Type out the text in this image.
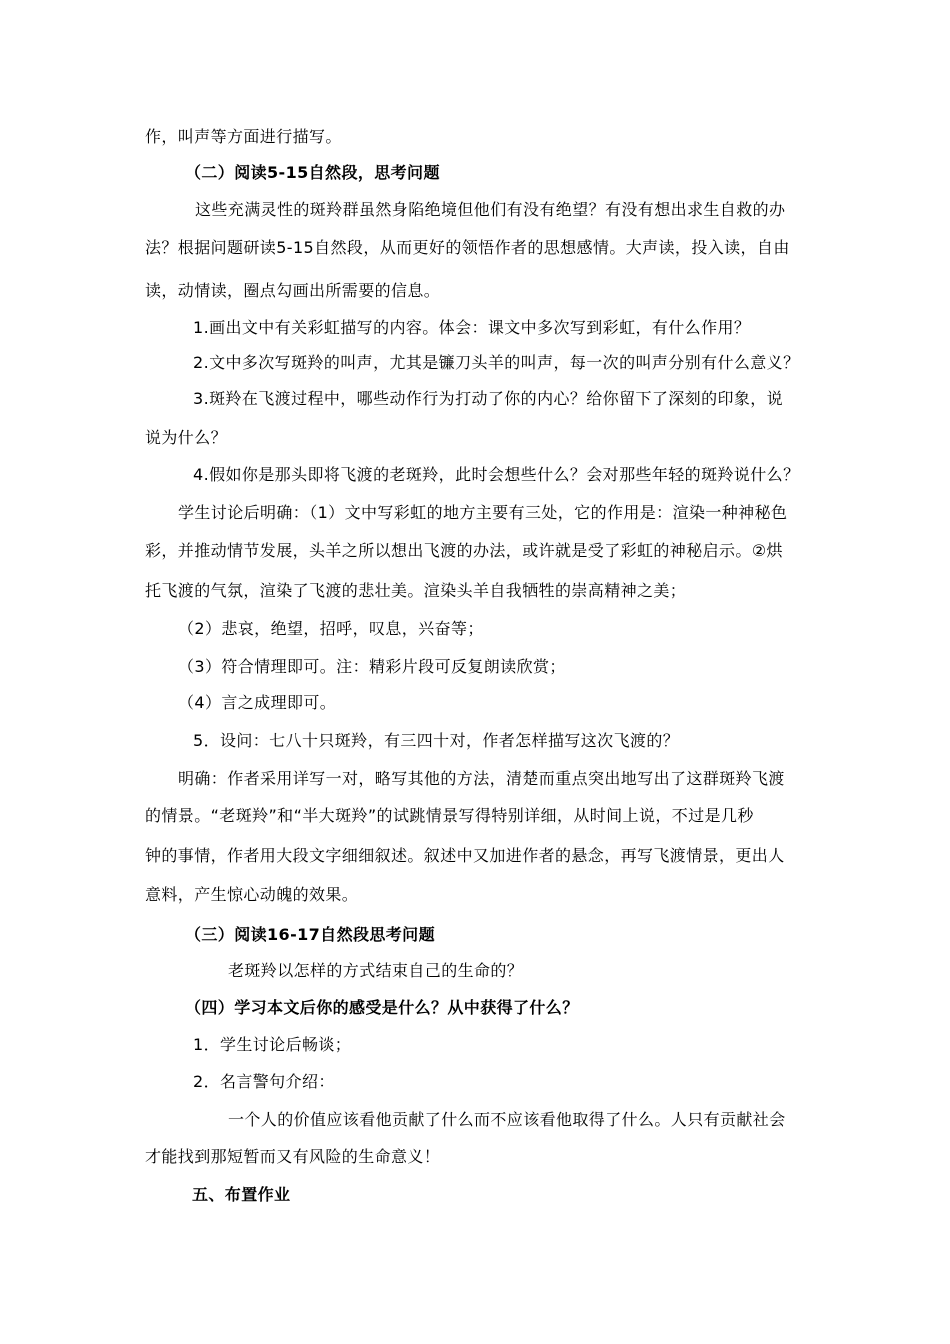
作，叫声等方面进行描写。
（二）阅读5-15自然段，思考问题
这些充满灵性的斑羚群虽然身陷绝境但他们有没有绝望？有没有想出求生自救的办
法？根据问题研读5-15自然段，从而更好的领悟作者的思想感情。大声读，投入读，自由
读，动情读，圈点勾画出所需要的信息。
1.画出文中有关彩虹描写的内容。体会：课文中多次写到彩虹，有什么作用？
2.文中多次写斑羚的叫声，尤其是镰刀头羊的叫声，每一次的叫声分别有什么意义？
3.斑羚在飞渡过程中，哪些动作行为打动了你的内心？给你留下了深刻的印象，说
说为什么？
4.假如你是那头即将飞渡的老斑羚，此时会想些什么？会对那些年轻的斑羚说什么？
学生讨论后明确：（1）文中写彩虹的地方主要有三处，它的作用是：渲染一种神秘色
彩，并推动情节发展，头羊之所以想出飞渡的办法，或许就是受了彩虹的神秘启示。②烘
托飞渡的气氛，渲染了飞渡的悲壮美。渲染头羊自我牺牲的崇高精神之美；
（2）悲哀，绝望，招呼，叹息，兴奋等；
（3）符合情理即可。注：精彩片段可反复朗读欣赏；
（4）言之成理即可。
5．设问：七八十只斑羚，有三四十对，作者怎样描写这次飞渡的？
明确：作者采用详写一对，略写其他的方法，清楚而重点突出地写出了这群斑羚飞渡
的情景。“老斑羚”和“半大斑羚”的试跳情景写得特别详细，从时间上说，不过是几秒
钟的事情，作者用大段文字细细叙述。叙述中又加进作者的悬念，再写飞渡情景，更出人
意料，产生惊心动魄的效果。
（三）阅读16-17自然段思考问题
老斑羚以怎样的方式结束自己的生命的？
（四）学习本文后你的感受是什么？从中获得了什么？
1．学生讨论后畅谈；
2．名言警句介绍：
一个人的价值应该看他贡献了什么而不应该看他取得了什么。人只有贡献社会
才能找到那短暂而又有风险的生命意义！
五、布置作业
